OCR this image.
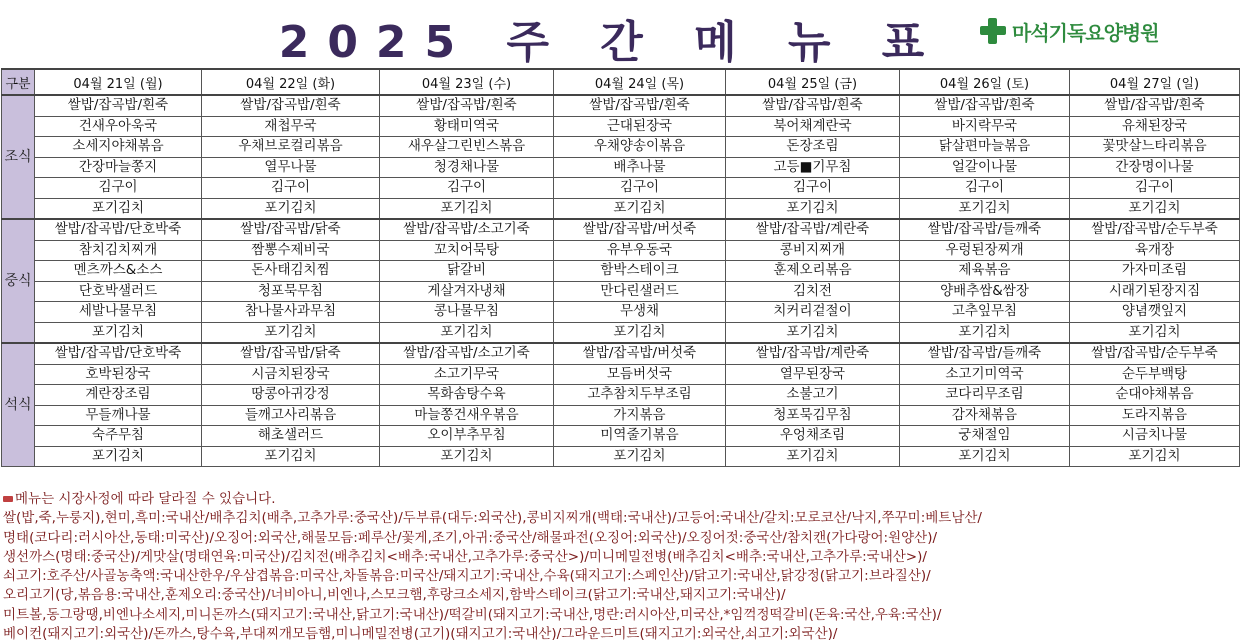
2025 주 간 메 뉴 표	마석기독요양병원
구분	04월 21일 (월)	04월 22일 (화)	04월 23일 (수)	04월 24일 (목)	04월 25일 (금)	04월 26일 (토)	04월 27일 (일)
조식	쌀밥/잡곡밥/흰죽	쌀밥/잡곡밥/흰죽	쌀밥/잡곡밥/흰죽	쌀밥/잡곡밥/흰죽	쌀밥/잡곡밥/흰죽	쌀밥/잡곡밥/흰죽	쌀밥/잡곡밥/흰죽
	건새우아욱국	재첩무국	황태미역국	근대된장국	북어채계란국	바지락무국	유채된장국
	소세지야채볶음	우채브로컬리볶음	새우살그린빈스볶음	우채양송이볶음	돈장조림	닭살편마늘볶음	꽃맛살느타리볶음
	간장마늘쫑지	열무나물	청경채나물	배추나물	고등■기무침	얼갈이나물	간장명이나물
	김구이	김구이	김구이	김구이	김구이	김구이	김구이
	포기김치	포기김치	포기김치	포기김치	포기김치	포기김치	포기김치
중식	쌀밥/잡곡밥/단호박죽	쌀밥/잡곡밥/닭죽	쌀밥/잡곡밥/소고기죽	쌀밥/잡곡밥/버섯죽	쌀밥/잡곡밥/계란죽	쌀밥/잡곡밥/들깨죽	쌀밥/잡곡밥/순두부죽
	참치김치찌개	짬뽕수제비국	꼬치어묵탕	유부우동국	콩비지찌개	우렁된장찌개	육개장
	멘츠까스&소스	돈사태김치찜	닭갈비	함박스테이크	훈제오리볶음	제육볶음	가자미조림
	단호박샐러드	청포묵무침	게살겨자냉채	만다린샐러드	김치전	양배추쌈&쌈장	시래기된장지짐
	세발나물무침	참나물사과무침	콩나물무침	무생채	치커리겉절이	고추잎무침	양념깻잎지
	포기김치	포기김치	포기김치	포기김치	포기김치	포기김치	포기김치
석식	쌀밥/잡곡밥/단호박죽	쌀밥/잡곡밥/닭죽	쌀밥/잡곡밥/소고기죽	쌀밥/잡곡밥/버섯죽	쌀밥/잡곡밥/계란죽	쌀밥/잡곡밥/들깨죽	쌀밥/잡곡밥/순두부죽
	호박된장국	시금치된장국	소고기무국	모듬버섯국	열무된장국	소고기미역국	순두부백탕
	계란장조림	땅콩아귀강정	목화솜탕수육	고추참치두부조림	소불고기	코다리무조림	순대야채볶음
	무들깨나물	들깨고사리볶음	마늘쫑건새우볶음	가지볶음	청포묵김무침	감자채볶음	도라지볶음
	숙주무침	해초샐러드	오이부추무침	미역줄기볶음	우엉채조림	궁채절임	시금치나물
	포기김치	포기김치	포기김치	포기김치	포기김치	포기김치	포기김치
메뉴는 시장사정에 따라 달라질 수 있습니다.
쌀(밥,죽,누룽지),현미,흑미:국내산/배추김치(배추,고추가루:중국산)/두부류(대두:외국산),콩비지찌개(백태:국내산)/고등어:국내산/갈치:모로코산/낙지,쭈꾸미:베트남산/
명태(코다리:러시아산,동태:미국산)/오징어:외국산,해물모듬:페루산/꽃게,조기,아귀:중국산/해물파전(오징어:외국산)/오징어젓:중국산/참치캔(가다랑어:원양산)/
생선까스(명태:중국산)/게맛살(명태연육:미국산)/김치전(배추김치<배추:국내산,고추가루:중국산>)/미니메밀전병(배추김치<배추:국내산,고추가루:국내산>)/
쇠고기:호주산/사골농축액:국내산한우/우삼겹볶음:미국산,차돌볶음:미국산/돼지고기:국내산,수육(돼지고기:스페인산)/닭고기:국내산,닭강정(닭고기:브라질산)/
오리고기(당,볶음용:국내산,훈제오리:중국산)/너비아니,비엔나,스모크햄,후랑크소세지,함박스테이크(닭고기:국내산,돼지고기:국내산)/
미트볼,동그랑땡,비엔나소세지,미니돈까스(돼지고기:국내산,닭고기:국내산)/떡갈비(돼지고기:국내산,명란:러시아산,미국산,*임꺽정떡갈비(돈육:국산,우육:국산)/
베이컨(돼지고기:외국산)/돈까스,탕수육,부대찌개모듬햄,미니메밀전병(고기)(돼지고기:국내산)/그라운드미트(돼지고기:외국산,쇠고기:외국산)/
